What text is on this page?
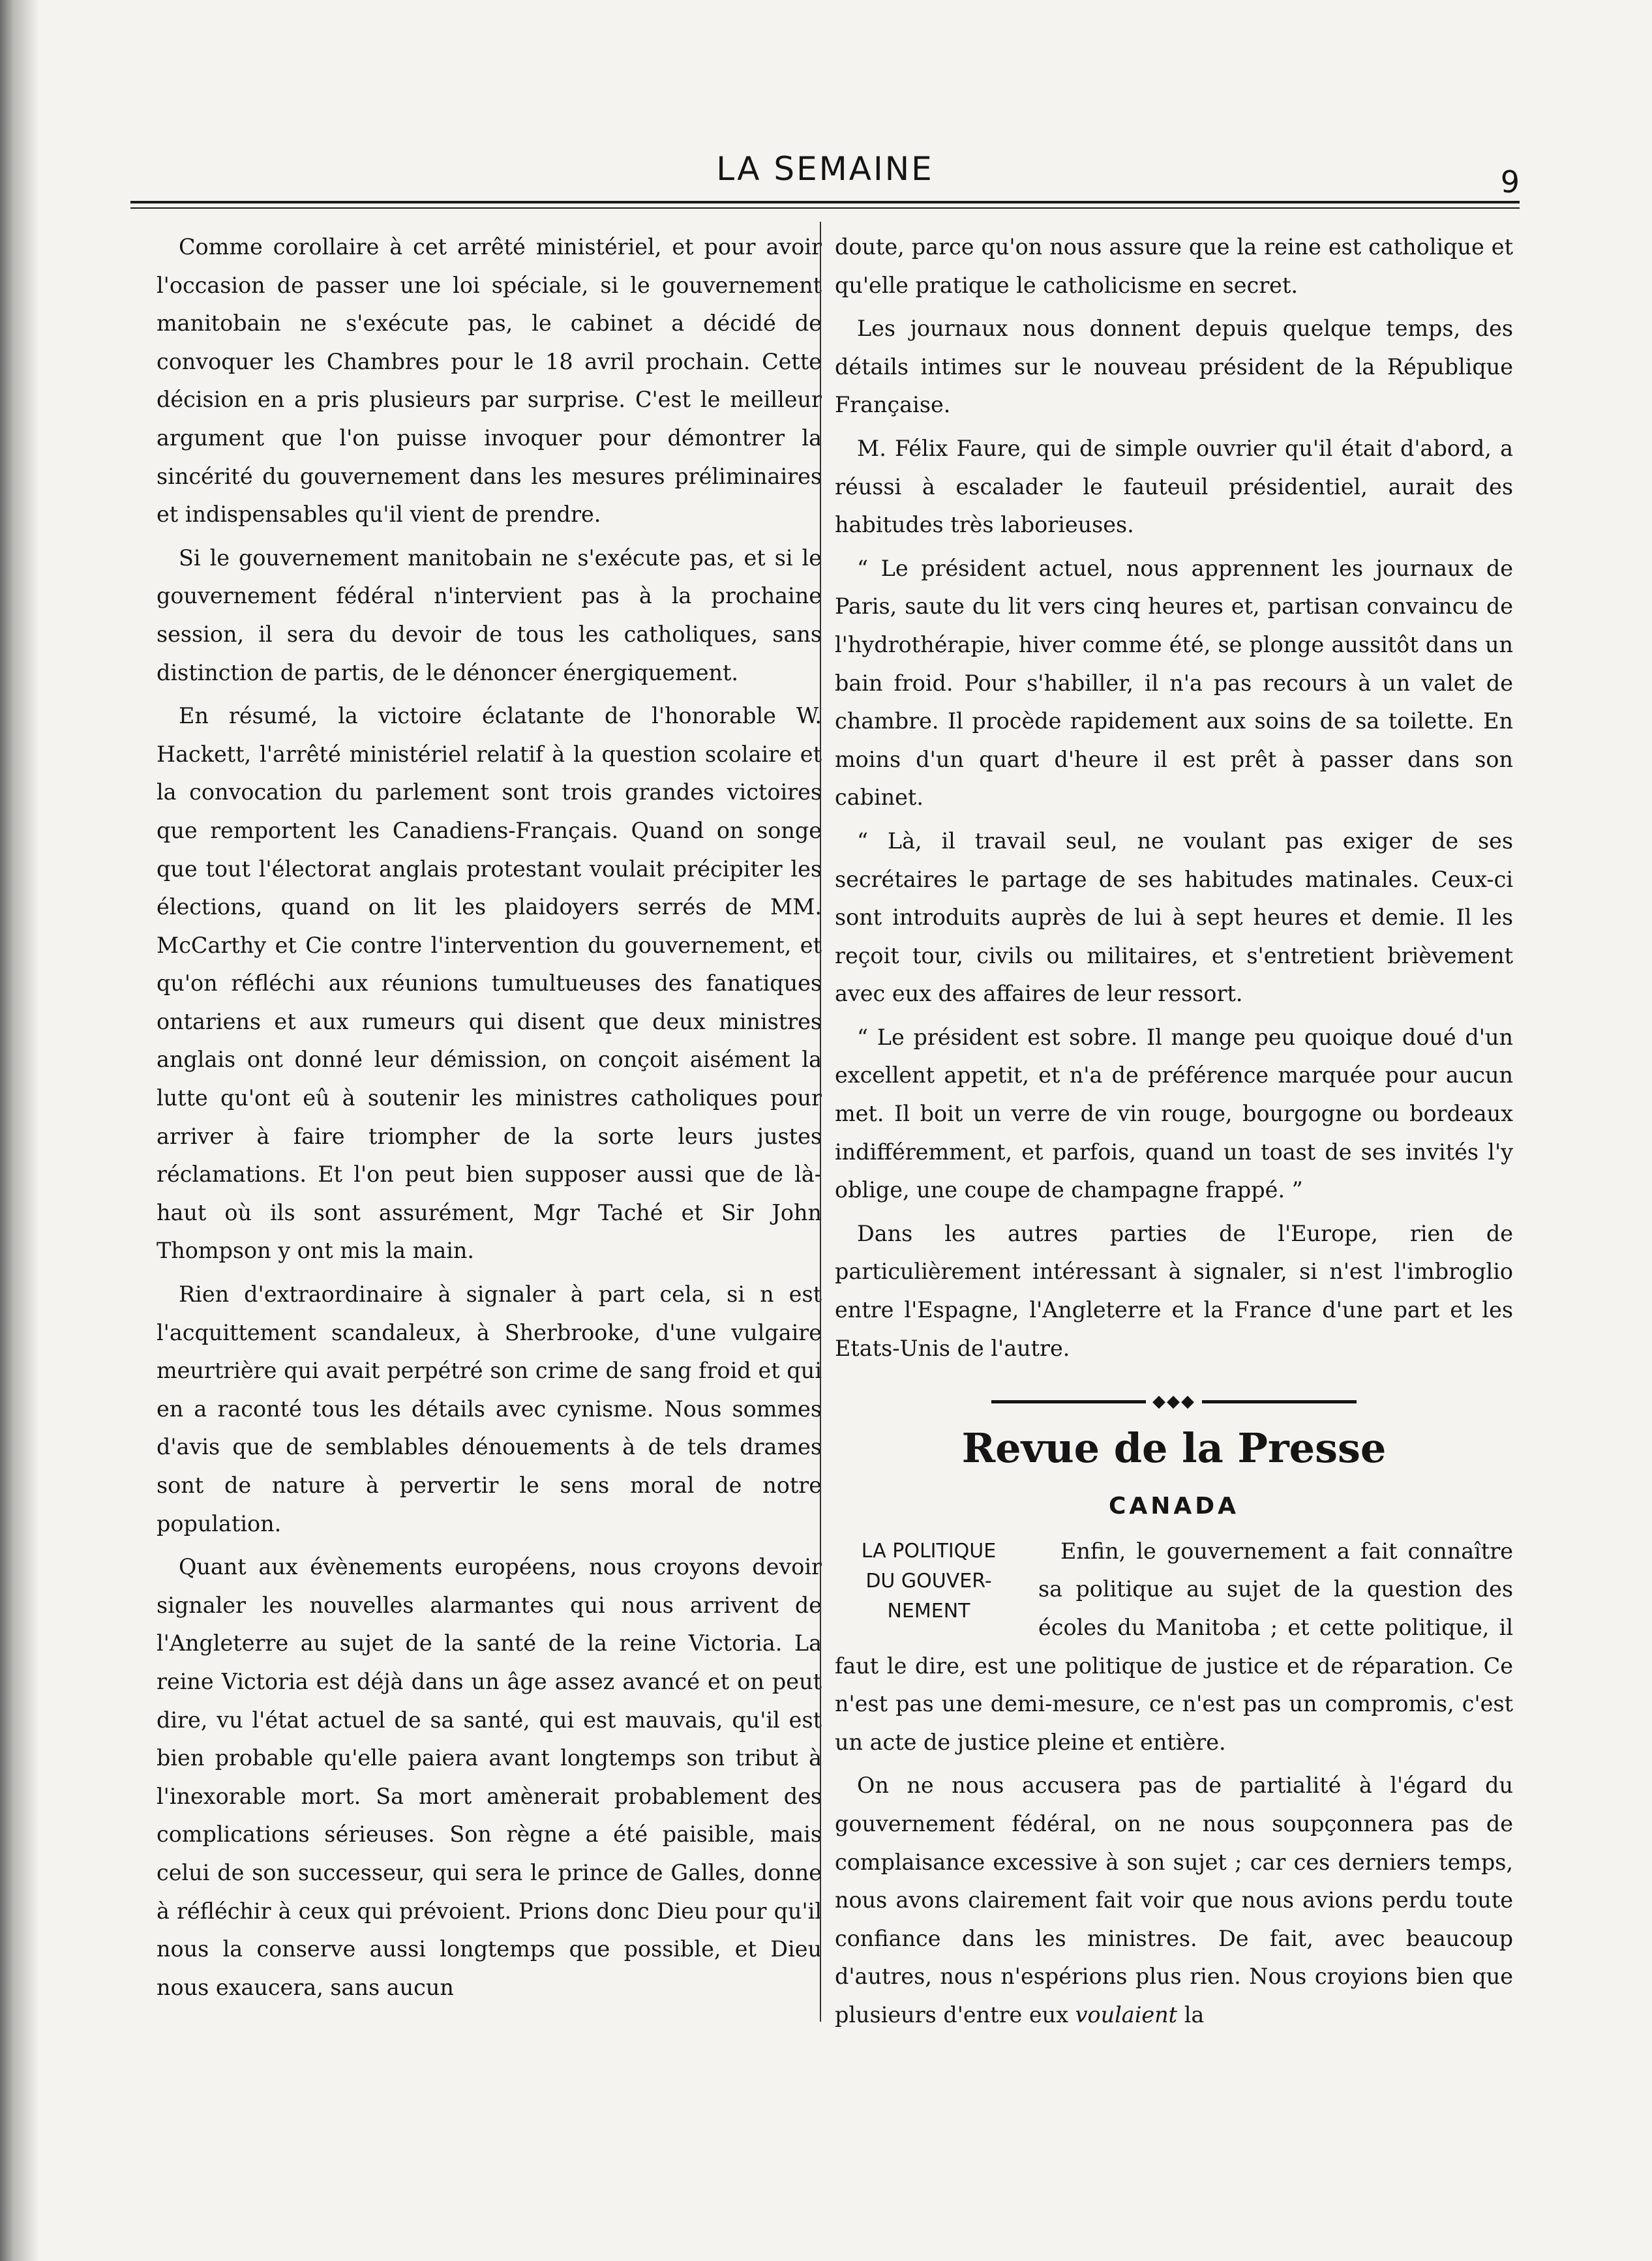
LA SEMAINE	9

Comme corollaire à cet arrêté ministériel, et pour avoir l'occasion de passer une loi spéciale, si le gouvernement manitobain ne s'exécute pas, le cabinet a décidé de convoquer les Chambres pour le 18 avril prochain. Cette décision en a pris plusieurs par surprise. C'est le meilleur argument que l'on puisse invoquer pour démontrer la sincérité du gouvernement dans les mesures préliminaires et indispensables qu'il vient de prendre.

Si le gouvernement manitobain ne s'exécute pas, et si le gouvernement fédéral n'intervient pas à la prochaine session, il sera du devoir de tous les catholiques, sans distinction de partis, de le dénoncer énergiquement.

En résumé, la victoire éclatante de l'honorable W. Hackett, l'arrêté ministériel relatif à la question scolaire et la convocation du parlement sont trois grandes victoires que remportent les Canadiens-Français. Quand on songe que tout l'électorat anglais protestant voulait précipiter les élections, quand on lit les plaidoyers serrés de MM. McCarthy et Cie contre l'intervention du gouvernement, et qu'on réfléchi aux réunions tumultueuses des fanatiques ontariens et aux rumeurs qui disent que deux ministres anglais ont donné leur démission, on conçoit aisément la lutte qu'ont eû à soutenir les ministres catholiques pour arriver à faire triompher de la sorte leurs justes réclamations. Et l'on peut bien supposer aussi que de là-haut où ils sont assurément, Mgr Taché et Sir John Thompson y ont mis la main.

Rien d'extraordinaire à signaler à part cela, si n est l'acquittement scandaleux, à Sherbrooke, d'une vulgaire meurtrière qui avait perpétré son crime de sang froid et qui en a raconté tous les détails avec cynisme. Nous sommes d'avis que de semblables dénouements à de tels drames sont de nature à pervertir le sens moral de notre population.

Quant aux évènements européens, nous croyons devoir signaler les nouvelles alarmantes qui nous arrivent de l'Angleterre au sujet de la santé de la reine Victoria. La reine Victoria est déjà dans un âge assez avancé et on peut dire, vu l'état actuel de sa santé, qui est mauvais, qu'il est bien probable qu'elle paiera avant longtemps son tribut à l'inexorable mort. Sa mort amènerait probablement des complications sérieuses. Son règne a été paisible, mais celui de son successeur, qui sera le prince de Galles, donne à réfléchir à ceux qui prévoient. Prions donc Dieu pour qu'il nous la conserve aussi longtemps que possible, et Dieu nous exaucera, sans aucun

doute, parce qu'on nous assure que la reine est catholique et qu'elle pratique le catholicisme en secret.

Les journaux nous donnent depuis quelque temps, des détails intimes sur le nouveau président de la République Française.

M. Félix Faure, qui de simple ouvrier qu'il était d'abord, a réussi à escalader le fauteuil présidentiel, aurait des habitudes très laborieuses.

“ Le président actuel, nous apprennent les journaux de Paris, saute du lit vers cinq heures et, partisan convaincu de l'hydrothérapie, hiver comme été, se plonge aussitôt dans un bain froid. Pour s'habiller, il n'a pas recours à un valet de chambre. Il procède rapidement aux soins de sa toilette. En moins d'un quart d'heure il est prêt à passer dans son cabinet.

“ Là, il travail seul, ne voulant pas exiger de ses secrétaires le partage de ses habitudes matinales. Ceux-ci sont introduits auprès de lui à sept heures et demie. Il les reçoit tour, civils ou militaires, et s'entretient brièvement avec eux des affaires de leur ressort.

“ Le président est sobre. Il mange peu quoique doué d'un excellent appetit, et n'a de préférence marquée pour aucun met. Il boit un verre de vin rouge, bourgogne ou bordeaux indifféremment, et parfois, quand un toast de ses invités l'y oblige, une coupe de champagne frappé. ”

Dans les autres parties de l'Europe, rien de particulièrement intéressant à signaler, si n'est l'imbroglio entre l'Espagne, l'Angleterre et la France d'une part et les Etats-Unis de l'autre.

◆◆◆
Revue de la Presse
CANADA

LA POLITIQUE
DU GOUVER-
NEMENT
Enfin, le gouvernement a fait connaître sa politique au sujet de la question des écoles du Manitoba ; et cette politique, il faut le dire, est une politique de justice et de réparation. Ce n'est pas une demi-mesure, ce n'est pas un compromis, c'est un acte de justice pleine et entière.

On ne nous accusera pas de partialité à l'égard du gouvernement fédéral, on ne nous soupçonnera pas de complaisance excessive à son sujet ; car ces derniers temps, nous avons clairement fait voir que nous avions perdu toute confiance dans les ministres. De fait, avec beaucoup d'autres, nous n'espérions plus rien. Nous croyions bien que plusieurs d'entre eux voulaient la
